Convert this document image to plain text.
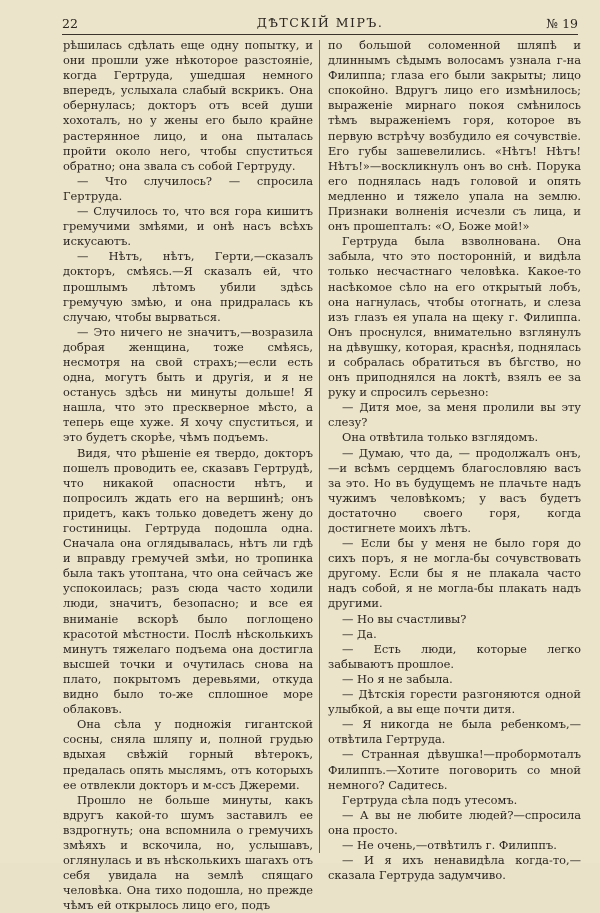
22	ДѢТСКІЙ МІРЪ.	№ 19

рѣшилась сдѣлать еще одну попытку, и они прошли уже нѣкоторое разстояніе, когда Гертруда, ушедшая немного впередъ, услыхала слабый вскрикъ. Она обернулась; докторъ отъ всей души хохоталъ, но у жены его было крайне растерянное лицо, и она пыталась пройти около него, чтобы спуститься обратно; она звала съ собой Гертруду.

— Что случилось? — спросила Гертруда.

— Случилось то, что вся гора кишитъ гремучими змѣями, и онѣ насъ всѣхъ искусаютъ.

— Нѣтъ, нѣтъ, Герти,—сказалъ докторъ, смѣясь.—Я сказалъ ей, что прошлымъ лѣтомъ убили здѣсь гремучую змѣю, и она придралась къ случаю, чтобы вырваться.

— Это ничего не значитъ,—возразила добрая женщина, тоже смѣясь, несмотря на свой страхъ;—если есть одна, могутъ быть и другія, и я не останусь здѣсь ни минуты дольше! Я нашла, что это прескверное мѣсто, а теперь еще хуже. Я хочу спуститься, и это будетъ скорѣе, чѣмъ подъемъ.

Видя, что рѣшеніе ея твердо, докторъ пошелъ проводить ее, сказавъ Гертрудѣ, что никакой опасности нѣтъ, и попросилъ ждать его на вершинѣ; онъ придетъ, какъ только доведетъ жену до гостиницы. Гертруда подошла одна. Сначала она оглядывалась, нѣтъ ли гдѣ и вправду гремучей змѣи, но тропинка была такъ утоптана, что она сейчасъ же успокоилась; разъ сюда часто ходили люди, значитъ, безопасно; и все ея вниманіе вскорѣ было поглощено красотой мѣстности. Послѣ нѣсколькихъ минутъ тяжелаго подъема она достигла высшей точки и очутилась снова на плато, покрытомъ деревьями, откуда видно было то-же сплошное море облаковъ.

Она сѣла у подножія гигантской сосны, сняла шляпу и, полной грудью вдыхая свѣжій горный вѣтерокъ, предалась опять мыслямъ, отъ которыхъ ее отвлекли докторъ и м-ссъ Джереми.

Прошло не больше минуты, какъ вдругъ какой-то шумъ заставилъ ее вздрогнуть; она вспомнила о гремучихъ змѣяхъ и вскочила, но, услышавъ, оглянулась и въ нѣсколькихъ шагахъ отъ себя увидала на землѣ спящаго человѣка. Она тихо подошла, но прежде чѣмъ ей открылось лицо его, подъ

по большой соломенной шляпѣ и длиннымъ сѣдымъ волосамъ узнала г-на Филиппа; глаза его были закрыты; лицо спокойно. Вдругъ лицо его измѣнилось; выраженіе мирнаго покоя смѣнилось тѣмъ выраженіемъ горя, которое въ первую встрѣчу возбудило ея сочувствіе. Его губы зашевелились. «Нѣтъ! Нѣтъ! Нѣтъ!»—воскликнулъ онъ во снѣ. Порука его поднялась надъ головой и опять медленно и тяжело упала на землю. Признаки волненія исчезли съ лица, и онъ прошепталъ: «О, Боже мой!»

Гертруда была взволнована. Она забыла, что это посторонній, и видѣла только несчастнаго человѣка. Какое-то насѣкомое сѣло на его открытый лобъ, она нагнулась, чтобы отогнать, и слеза изъ глазъ ея упала на щеку г. Филиппа. Онъ проснулся, внимательно взглянулъ на дѣвушку, которая, краснѣя, поднялась и собралась обратиться въ бѣгство, но онъ приподнялся на локтѣ, взялъ ее за руку и спросилъ серьезно:

— Дитя мое, за меня пролили вы эту слезу?

Она отвѣтила только взглядомъ.

— Думаю, что да, — продолжалъ онъ,—и всѣмъ сердцемъ благословляю васъ за это. Но въ будущемъ не плачьте надъ чужимъ человѣкомъ; у васъ будетъ достаточно своего горя, когда достигнете моихъ лѣтъ.

— Если бы у меня не было горя до сихъ поръ, я не могла-бы сочувствовать другому. Если бы я не плакала часто надъ собой, я не могла-бы плакать надъ другими.

— Но вы счастливы?

— Да.

— Есть люди, которые легко забываютъ прошлое.

— Но я не забыла.

— Дѣтскія горести разгоняются одной улыбкой, а вы еще почти дитя.

— Я никогда не была ребенкомъ,—отвѣтила Гертруда.

— Странная дѣвушка!—пробормоталъ Филиппъ.—Хотите поговорить со мной немного? Садитесь.

Гертруда сѣла подъ утесомъ.

— А вы не любите людей?—спросила она просто.

— Не очень,—отвѣтилъ г. Филиппъ.

— И я ихъ ненавидѣла когда-то,—сказала Гертруда задумчиво.
